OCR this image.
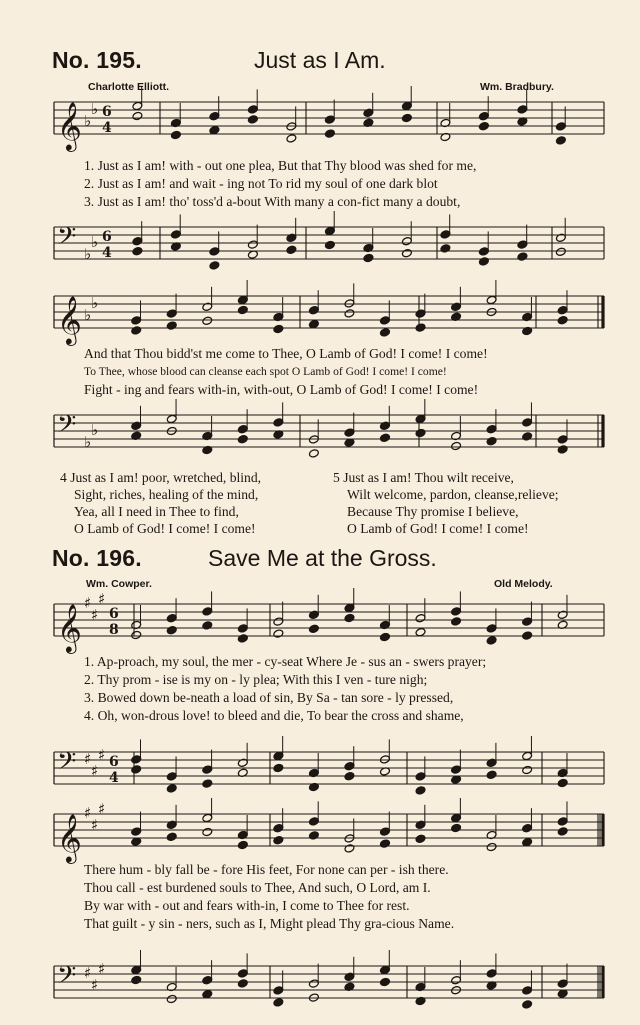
No. 195.	Just as I Am.
Charlotte Elliott.	Wm. Bradbury.
𝄞 ♭
♭ 6
4
𝄢 ♭
♭ 6
4
1. Just as I am! with - out one plea, But that Thy blood was shed for me,
2. Just as I am! and wait - ing not To rid my soul of one dark blot
3. Just as I am! tho' toss'd a-bout With many a con-fict many a doubt,
𝄞 ♭
♭
𝄢 ♭
♭
And that Thou bidd'st me come to Thee, O Lamb of God! I come! I come!
To Thee, whose blood can cleanse each spot O Lamb of God! I come! I come!
Fight - ing and fears with-in, with-out, O Lamb of God! I come! I come!
4 Just as I am! poor, wretched, blind,
Sight, riches, healing of the mind,
Yea, all I need in Thee to find,
O Lamb of God! I come! I come!
5 Just as I am! Thou wilt receive,
Wilt welcome, pardon, cleanse,relieve;
Because Thy promise I believe,
O Lamb of God! I come! I come!
No. 196.	Save Me at the Gross.
Wm. Cowper.	Old Melody.
𝄞 ♯
♯
♯
6
8
𝄢 ♯
♯
♯ 6
4
1. Ap-proach, my soul, the mer - cy-seat Where Je - sus an - swers prayer;
2. Thy prom - ise is my on - ly plea; With this I ven - ture nigh;
3. Bowed down be-neath a load of sin, By Sa - tan sore - ly pressed,
4. Oh, won-drous love! to bleed and die, To bear the cross and shame,
𝄞 ♯
♯
♯
𝄢 ♯
♯
♯
There hum - bly fall be - fore His feet, For none can per - ish there.
Thou call - est burdened souls to Thee, And such, O Lord, am I.
By war with - out and fears with-in, I come to Thee for rest.
That guilt - y sin - ners, such as I, Might plead Thy gra-cious Name.
